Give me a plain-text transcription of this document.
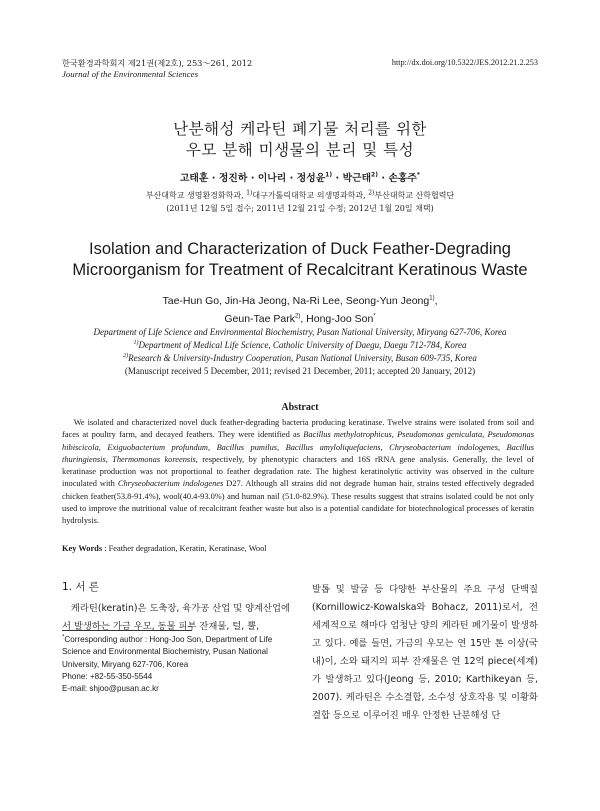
한국환경과학회지 제21권(제2호), 253～261, 2012
Journal of the Environmental Sciences
http://dx.doi.org/10.5322/JES.2012.21.2.253
난분해성 케라틴 폐기물 처리를 위한
우모 분해 미생물의 분리 및 특성
고태훈 · 정진하 · 이나리 · 정성윤$^{1)}$ · 박근태$^{2)}$ · 손홍주*
부산대학교 생명환경화학과, $^{1)}$대구가톨릭대학교 의생명과학과, $^{2)}$부산대학교 산학협력단
(2011년 12월 5일 접수; 2011년 12월 21일 수정; 2012년 1월 20일 채택)
Isolation and Characterization of Duck Feather-Degrading
Microorganism for Treatment of Recalcitrant Keratinous Waste
Tae-Hun Go, Jin-Ha Jeong, Na-Ri Lee, Seong-Yun Jeong$^{1)}$,
Geun-Tae Park$^{2)}$, Hong-Joo Son*
Department of Life Science and Environmental Biochemistry, Pusan National University, Miryang 627-706, Korea
$^{1)}$Department of Medical Life Science, Catholic University of Daegu, Daegu 712-784, Korea
$^{2)}$Research & University-Industry Cooperation, Pusan National University, Busan 609-735, Korea
(Manuscript received 5 December, 2011; revised 21 December, 2011; accepted 20 January, 2012)
Abstract
We isolated and characterized novel duck feather-degrading bacteria producing keratinase. Twelve strains were isolated from soil and faces at poultry farm, and decayed feathers. They were identified as Bacillus methylotrophicus, Pseudomonas geniculata, Pseudomonas hibiscicola, Exiguobacterium profundum, Bacillus pumilus, Bacillus amyloliquefaciens, Chryseobacterium indologenes, Bacillus thuringiensis, Thermomonas koreensis, respectively, by phenotypic characters and 16S rRNA gene analysis. Generally, the level of keratinase production was not proportional to feather degradation rate. The highest keratinolytic activity was observed in the culture inoculated with Chryseobacterium indologenes D27. Although all strains did not degrade human hair, strains tested effectively degraded chicken feather(53.8-91.4%), wool(40.4-93.0%) and human nail (51.0-82.9%). These results suggest that strains isolated could be not only used to improve the nutritional value of recalcitrant feather waste but also is a potential candidate for biotechnological processes of keratin hydrolysis.
Key Words : Feather degradation, Keratin, Keratinase, Wool
1. 서 론
케라틴(keratin)은 도축장, 육가공 산업 및 양계산업에서 발생하는 가금 우모, 동물 피부 잔재물, 털, 뿔,
발톱 및 발굽 등 다양한 부산물의 주요 구성 단백질(Kornillowicz-Kowalska와 Bohacz, 2011)로서, 전 세계적으로 해마다 엄청난 양의 케라틴 폐기물이 발생하고 있다. 예를 들면, 가금의 우모는 연 15만 톤 이상(국내)이, 소와 돼지의 피부 잔재물은 연 12억 piece(세계)가 발생하고 있다(Jeong 등, 2010; Karthikeyan 등, 2007). 케라틴은 수소결합, 소수성 상호작용 및 이황화결합 등으로 이루어진 매우 안정한 난분해성 단
*Corresponding author : Hong-Joo Son, Department of Life Science and Environmental Biochemistry, Pusan National University, Miryang 627-706, Korea
Phone: +82-55-350-5544
E-mail: shjoo@pusan.ac.kr
